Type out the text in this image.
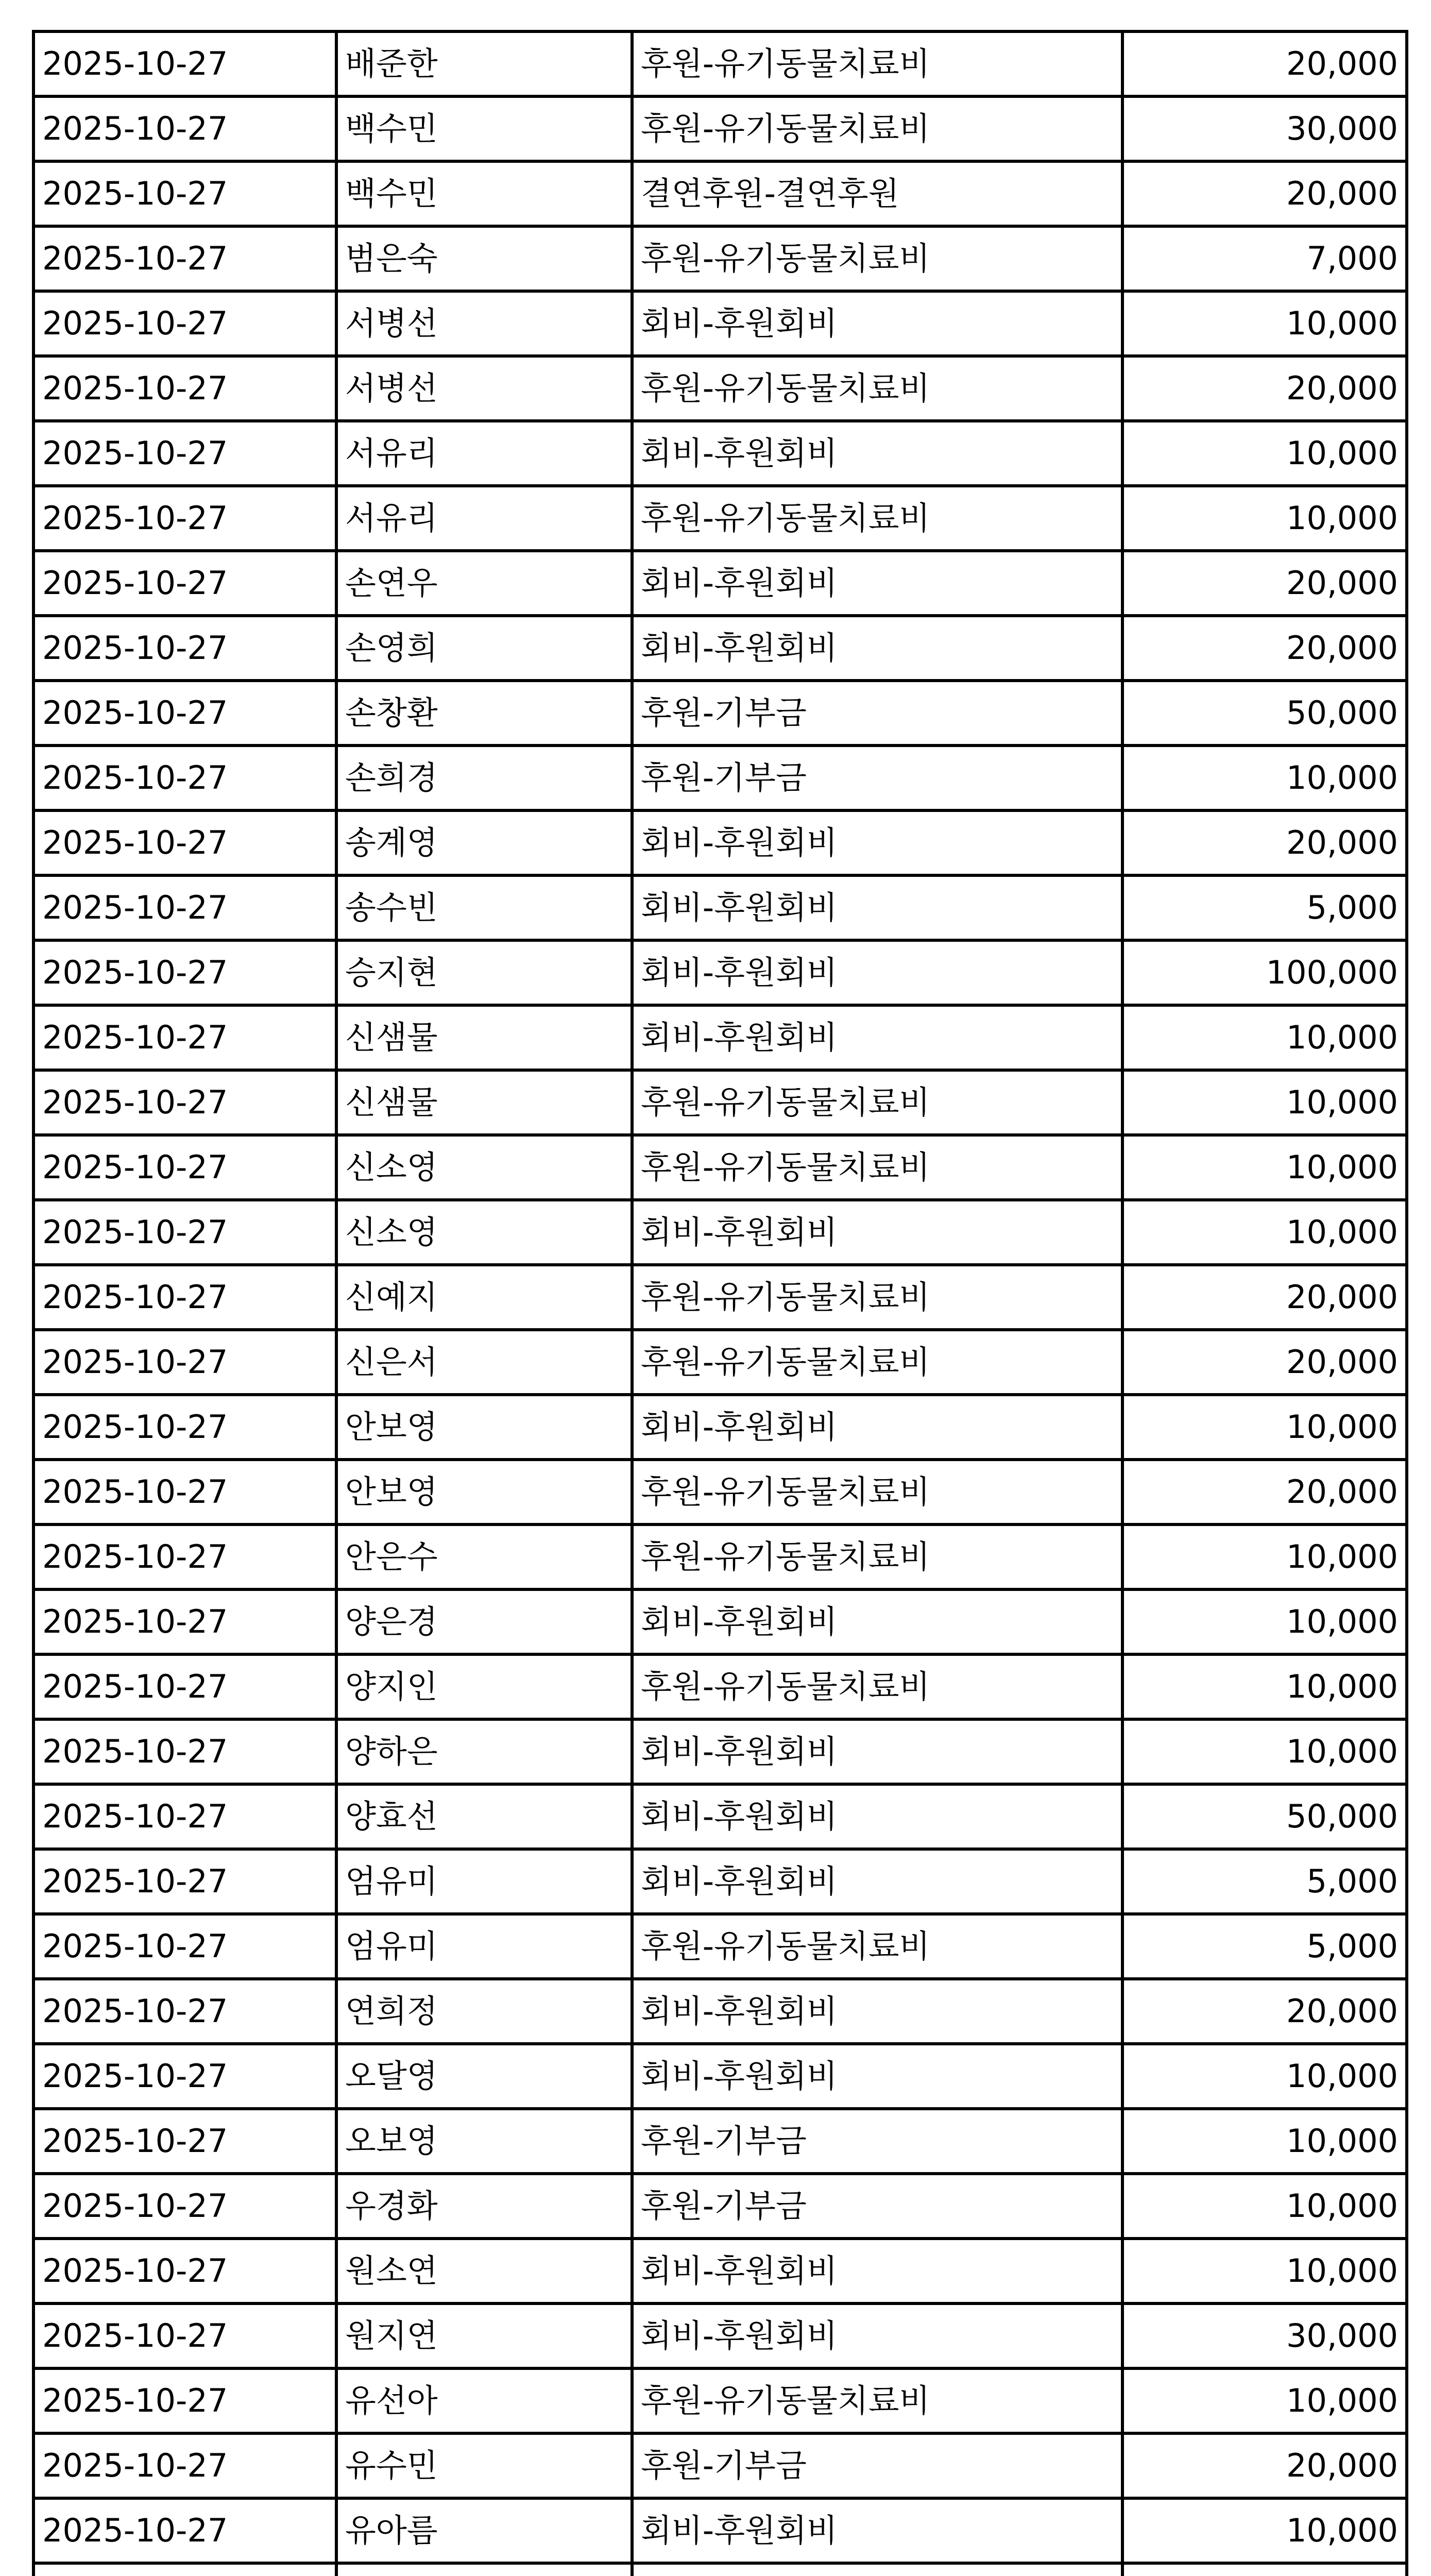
2025-10-27	배준한	후원-유기동물치료비	20,000
2025-10-27	백수민	후원-유기동물치료비	30,000
2025-10-27	백수민	결연후원-결연후원	20,000
2025-10-27	범은숙	후원-유기동물치료비	7,000
2025-10-27	서병선	회비-후원회비	10,000
2025-10-27	서병선	후원-유기동물치료비	20,000
2025-10-27	서유리	회비-후원회비	10,000
2025-10-27	서유리	후원-유기동물치료비	10,000
2025-10-27	손연우	회비-후원회비	20,000
2025-10-27	손영희	회비-후원회비	20,000
2025-10-27	손창환	후원-기부금	50,000
2025-10-27	손희경	후원-기부금	10,000
2025-10-27	송계영	회비-후원회비	20,000
2025-10-27	송수빈	회비-후원회비	5,000
2025-10-27	승지현	회비-후원회비	100,000
2025-10-27	신샘물	회비-후원회비	10,000
2025-10-27	신샘물	후원-유기동물치료비	10,000
2025-10-27	신소영	후원-유기동물치료비	10,000
2025-10-27	신소영	회비-후원회비	10,000
2025-10-27	신예지	후원-유기동물치료비	20,000
2025-10-27	신은서	후원-유기동물치료비	20,000
2025-10-27	안보영	회비-후원회비	10,000
2025-10-27	안보영	후원-유기동물치료비	20,000
2025-10-27	안은수	후원-유기동물치료비	10,000
2025-10-27	양은경	회비-후원회비	10,000
2025-10-27	양지인	후원-유기동물치료비	10,000
2025-10-27	양하은	회비-후원회비	10,000
2025-10-27	양효선	회비-후원회비	50,000
2025-10-27	엄유미	회비-후원회비	5,000
2025-10-27	엄유미	후원-유기동물치료비	5,000
2025-10-27	연희정	회비-후원회비	20,000
2025-10-27	오달영	회비-후원회비	10,000
2025-10-27	오보영	후원-기부금	10,000
2025-10-27	우경화	후원-기부금	10,000
2025-10-27	원소연	회비-후원회비	10,000
2025-10-27	원지연	회비-후원회비	30,000
2025-10-27	유선아	후원-유기동물치료비	10,000
2025-10-27	유수민	후원-기부금	20,000
2025-10-27	유아름	회비-후원회비	10,000
